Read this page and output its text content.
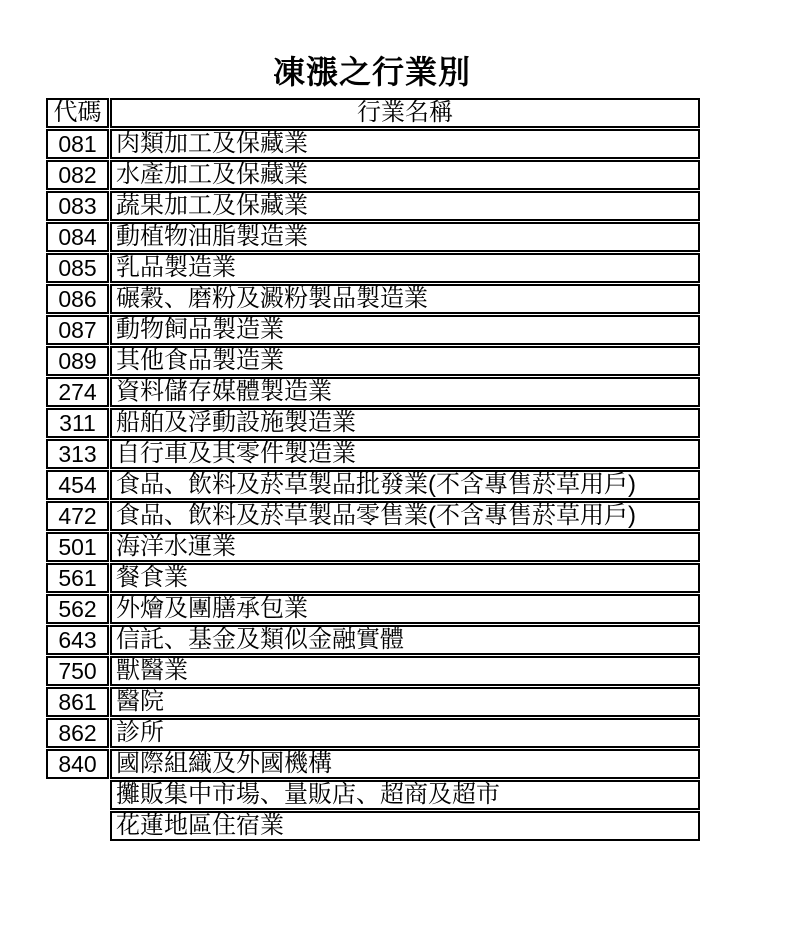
凍漲之行業別
代碼	行業名稱
081	肉類加工及保藏業
082	水產加工及保藏業
083	蔬果加工及保藏業
084	動植物油脂製造業
085	乳品製造業
086	碾穀、磨粉及澱粉製品製造業
087	動物飼品製造業
089	其他食品製造業
274	資料儲存媒體製造業
311	船舶及浮動設施製造業
313	自行車及其零件製造業
454	食品、飲料及菸草製品批發業(不含專售菸草用戶)
472	食品、飲料及菸草製品零售業(不含專售菸草用戶)
501	海洋水運業
561	餐食業
562	外燴及團膳承包業
643	信託、基金及類似金融實體
750	獸醫業
861	醫院
862	診所
840	國際組織及外國機構
	攤販集中市場、量販店、超商及超市
	花蓮地區住宿業
